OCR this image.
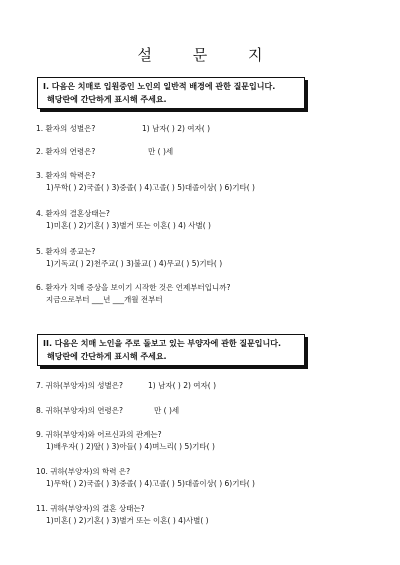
설 문 지
I. 다음은 치매로 입원중인 노인의 일반적 배경에 관한 질문입니다.
해당란에 간단하게 표시해 주세요.
1. 환자의 성별은?	1) 남자( ) 2) 여자( )
2. 환자의 연령은?	만 ( )세
3. 환자의 학력은?
1)무학( ) 2)국졸( ) 3)중졸( ) 4)고졸( ) 5)대졸이상( ) 6)기타( )
4. 환자의 결혼상태는?
1)미혼( ) 2)기혼( ) 3)별거 또는 이혼( ) 4) 사별( )
5. 환자의 종교는?
1)기독교( ) 2)천주교( ) 3)불교( ) 4)무교( ) 5)기타( )
6. 환자가 치매 증상을 보이기 시작한 것은 언제부터입니까?
지금으로부터 ___년 ___개월 전부터
II. 다음은 치매 노인을 주로 돌보고 있는 부양자에 관한 질문입니다.
해당란에 간단하게 표시해 주세요.
7. 귀하(부양자)의 성별은?	1) 남자( ) 2) 여자( )
8. 귀하(부양자)의 연령은?	만 ( )세
9. 귀하(부양자)와 어르신과의 관계는?
1)배우자( ) 2)딸( ) 3)아들( ) 4)며느리( ) 5)기타( )
10. 귀하(부양자)의 학력 은?
1)무학( ) 2)국졸( ) 3)중졸( ) 4)고졸( ) 5)대졸이상( ) 6)기타( )
11. 귀하(부양자)의 결혼 상태는?
1)미혼( ) 2)기혼( ) 3)별거 또는 이혼( ) 4)사별( )
